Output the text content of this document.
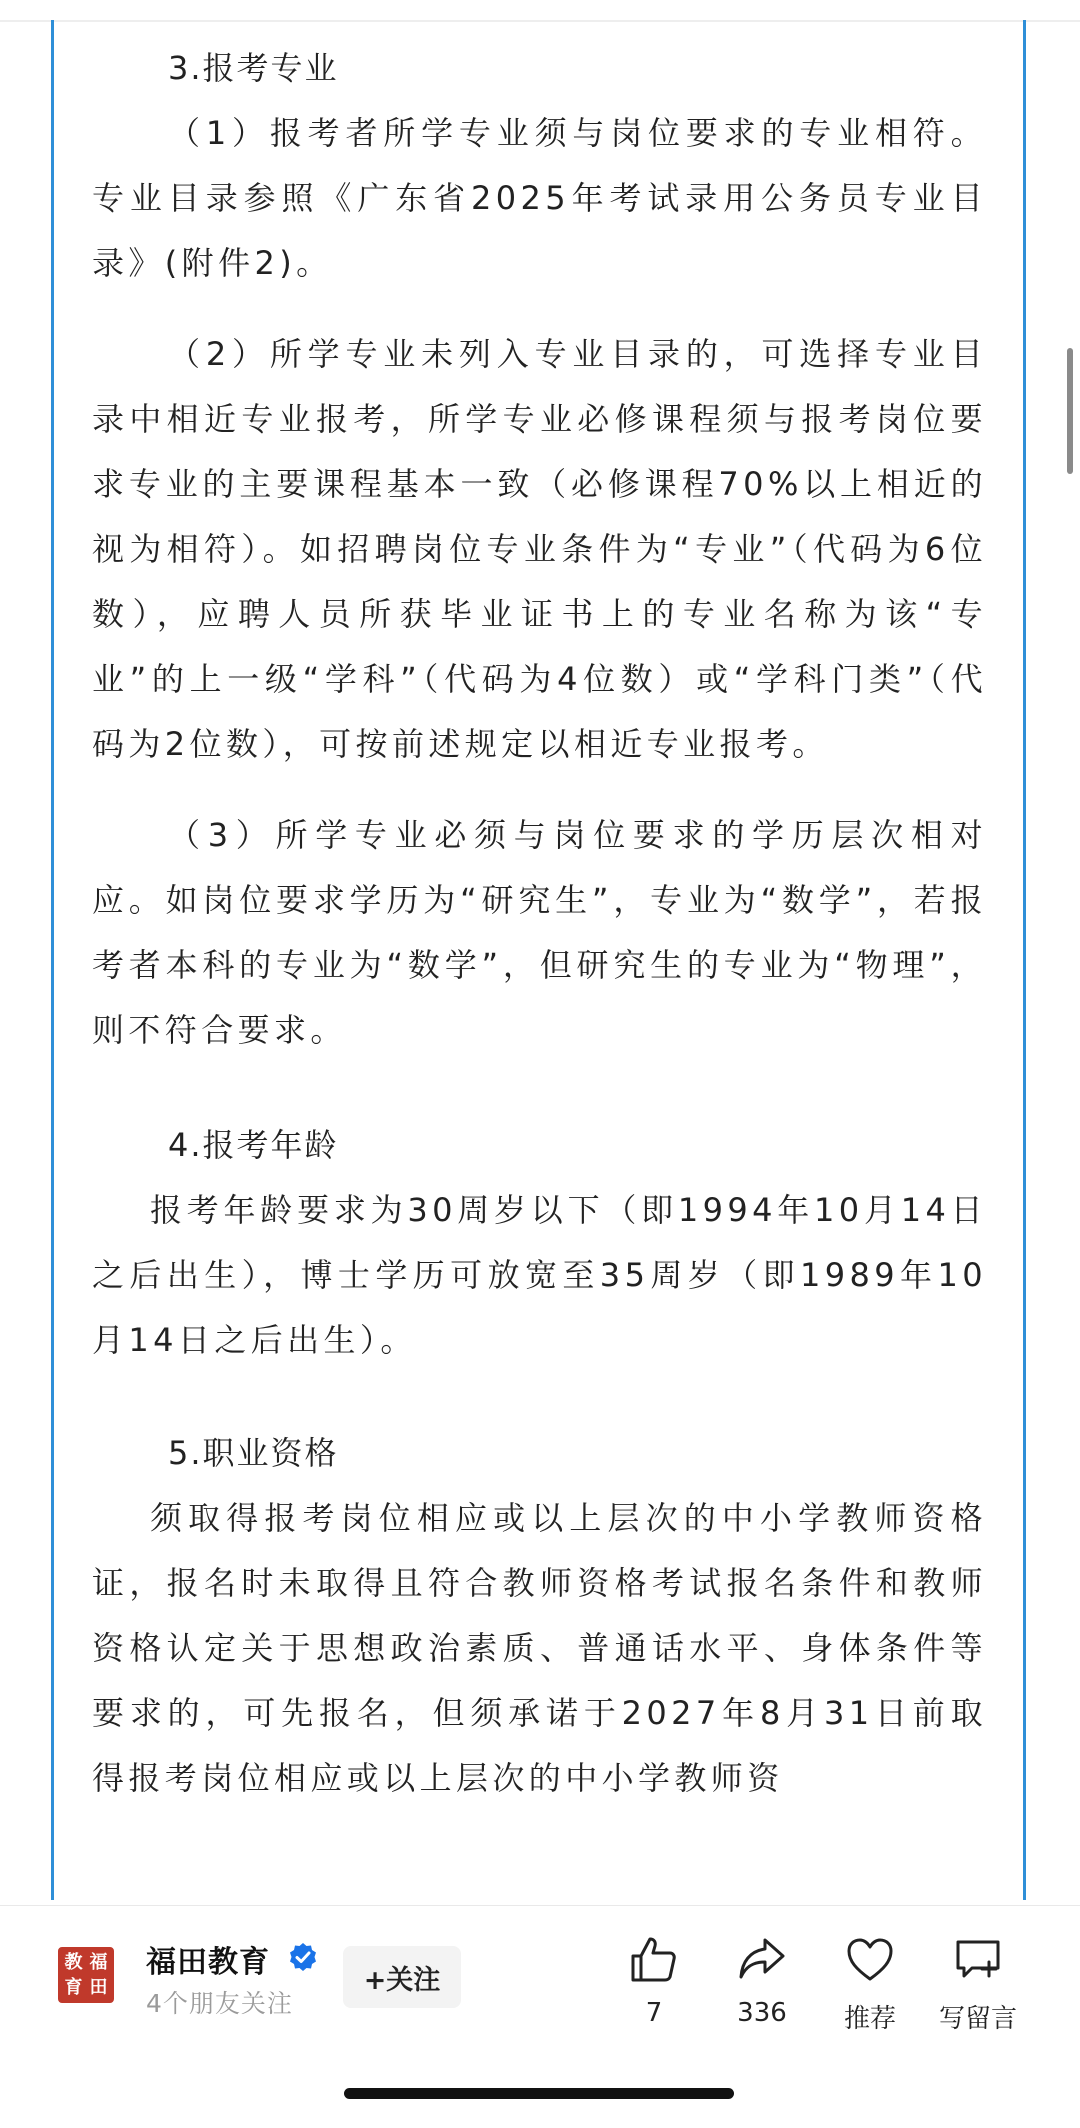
3.报考专业

（1）报考者所学专业须与岗位要求的专业相符。专业目录参照《广东省2025年考试录用公务员专业目录》(附件2)。

（2）所学专业未列入专业目录的，可选择专业目录中相近专业报考，所学专业必修课程须与报考岗位要求专业的主要课程基本一致（必修课程70%以上相近的视为相符）。如招聘岗位专业条件为“专业”（代码为6位数），应聘人员所获毕业证书上的专业名称为该“专业”的上一级“学科”（代码为4位数）或“学科门类”（代码为2位数），可按前述规定以相近专业报考。

（3）所学专业必须与岗位要求的学历层次相对应。如岗位要求学历为“研究生”，专业为“数学”，若报考者本科的专业为“数学”，但研究生的专业为“物理”，则不符合要求。

4.报考年龄

报考年龄要求为30周岁以下（即1994年10月14日之后出生），博士学历可放宽至35周岁（即1989年10月14日之后出生）。

5.职业资格

须取得报考岗位相应或以上层次的中小学教师资格证，报名时未取得且符合教师资格考试报名条件和教师资格认定关于思想政治素质、普通话水平、身体条件等要求的，可先报名，但须承诺于2027年8月31日前取得报考岗位相应或以上层次的中小学教师资

教 福
育 田
福田教育
4个朋友关注
+关注
7	336	推荐	写留言
